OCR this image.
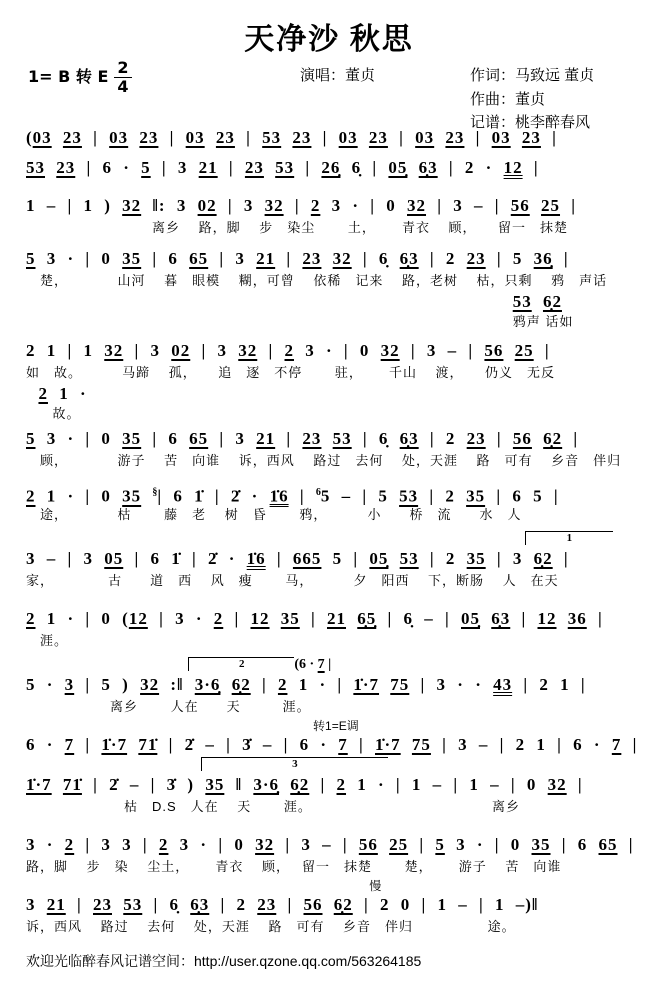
天净沙 秋思
1= B 转 E $\frac{2}{4}$	演唱：董贞	作词：马致远 董贞
作曲：董贞
记谱：桃李醉春风
(03 23 | 03 23 | 03 23 | 53 23 | 03 23 | 03 23 | 03 23 |
53 23 | 6 · 5 | 3 21 | 23 53 | 26̣ 6̣ | 05̣ 6̣3 | 2 · 12 |
1 – | 1 ) 32 ‖: 3 02 | 3 32 | 2 3 · | 0 32 | 3 – | 56 25 |
　　　　　　　　　离乡　 路，脚　 步　染尘　　 土，　　 青衣　 顾，　　留一　抹楚
5 3 · | 0 35 | 6 65 | 3 21 | 23 32 | 6̣ 6̣3 | 2 23 | 5 36̣ |
　楚，　　　　山河　 暮　眼模　 糊，可曾　 依稀　记来　 路，老树　 枯，只剩　 鸦　声话
53 6̣2
鸦声 话如
2 1 | 1 32 | 3 02 | 3 32 | 2 3 · | 0 32 | 3 – | 56 25 |
如　故。　　　 马蹄　 孤，　　追　逐　不停　　 驻，　　 千山　 渡，　　仍义　无反
2 1 ·
　故。
5 3 · | 0 35 | 6 65 | 3 21 | 23 53 | 6̣ 6̣3 | 2 23 | 56 6̣2 |
　顾，　　　　游子　 苦　向谁　 诉，西风　 路过　去何　 处，天涯　 路　可有　 乡音　伴归
2 1 · | 0 35 §| 6 1̇ | 2̇ · 1̇6 | $^6$5 – | 5 53 | 2 35 | 6 5 |
　途，　　　　枯　　 藤　老　 树　昏　　 鸦，　　　 小　　桥　流　　水　人
1
3 – | 3 05 | 6 1̇ | 2̇ · 1̇6 | 665 5 | 05̣ 53 | 2 35 | 3 6̣2 |
家，　　　　 古　　道　西　 风　瘦　　 马，　　　 夕　阳西　 下，断肠　 人　在天
2 1 · | 0 (12 | 3 · 2 | 12 35 | 21 6̣5̣ | 6̣ – | 05̣ 6̣3 | 12 36 |
　涯。
2	(6 · 7 |
5 · 3 | 5 ) 32 :‖ 3·6̣ 6̣2 | 2 1 · | 1̇·7 75 | 3 · · 43 | 2 1 |
　　　　　　离乡　　 人在　　天　　　涯。
转1=E调
6 · 7 | 1̇·7 71̇ | 2̇ – | 3̇ – | 6 · 7 | 1̇·7 75 | 3 – | 2 1 | 6 · 7 |
3
1̇·7 71̇ | 2̇ – | 3̇ ) 35 ‖ 3·6̣ 6̣2 | 2 1 · | 1 – | 1 – | 0 32 |
　　　　　　　枯　D.S　人在　 天　　 涯。　　　　　　　　　　　　　 离乡
3 · 2 | 3 3 | 2 3 · | 0 32 | 3 – | 56 25 | 5 3 · | 0 35 | 6 65 |
路，脚　 步　染　 尘土，　　 青衣　 顾，　 留一　抹楚　　 楚，　　 游子　 苦　向谁
慢
3 21 | 23 53 | 6̣ 6̣3 | 2 23 | 56 6̣2 | 2 0 | 1 – | 1 –)‖
诉，西风　 路过　 去何　 处，天涯　 路　可有　 乡音　伴归　　　　　 途。
欢迎光临醉春风记谱空间：http://user.qzone.qq.com/563264185
